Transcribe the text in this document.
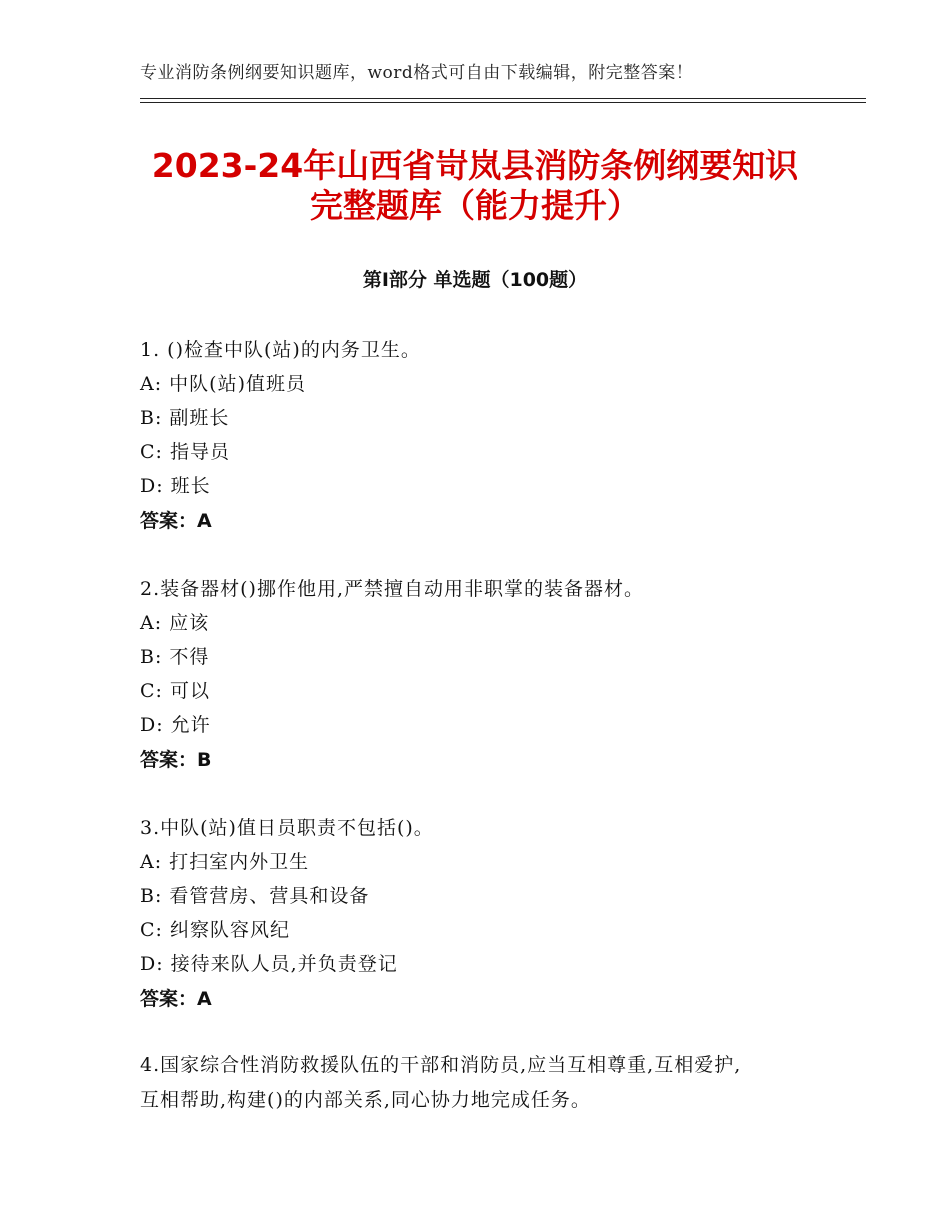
专业消防条例纲要知识题库，word格式可自由下载编辑，附完整答案！
2023-24年山西省岢岚县消防条例纲要知识
完整题库（能力提升）
第Ⅰ部分 单选题（100题）
1. ()检查中队(站)的内务卫生。
A: 中队(站)值班员
B: 副班长
C: 指导员
D: 班长
答案：A
2.装备器材()挪作他用,严禁擅自动用非职掌的装备器材。
A: 应该
B: 不得
C: 可以
D: 允许
答案：B
3.中队(站)值日员职责不包括()。
A: 打扫室内外卫生
B: 看管营房、营具和设备
C: 纠察队容风纪
D: 接待来队人员,并负责登记
答案：A
4.国家综合性消防救援队伍的干部和消防员,应当互相尊重,互相爱护,
互相帮助,构建()的内部关系,同心协力地完成任务。
